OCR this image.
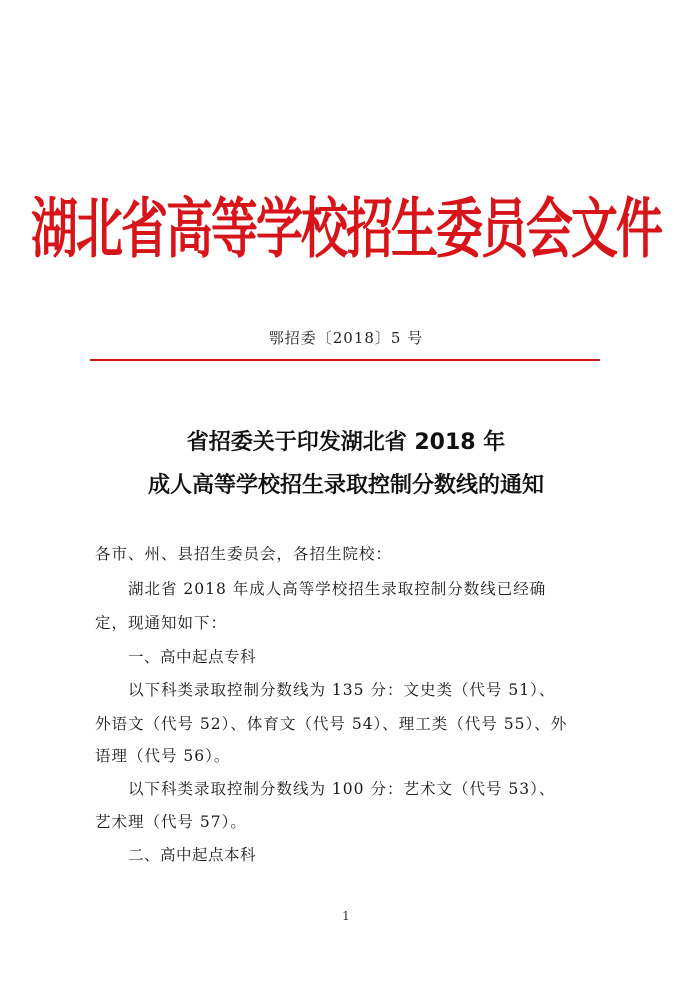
湖北省高等学校招生委员会文件
鄂招委〔2018〕5 号
省招委关于印发湖北省 2018 年
成人高等学校招生录取控制分数线的通知
各市、州、县招生委员会，各招生院校：
湖北省 2018 年成人高等学校招生录取控制分数线已经确
定，现通知如下：
一、高中起点专科
以下科类录取控制分数线为 135 分：文史类（代号 51）、
外语文（代号 52）、体育文（代号 54）、理工类（代号 55）、外
语理（代号 56）。
以下科类录取控制分数线为 100 分：艺术文（代号 53）、
艺术理（代号 57）。
二、高中起点本科
1
